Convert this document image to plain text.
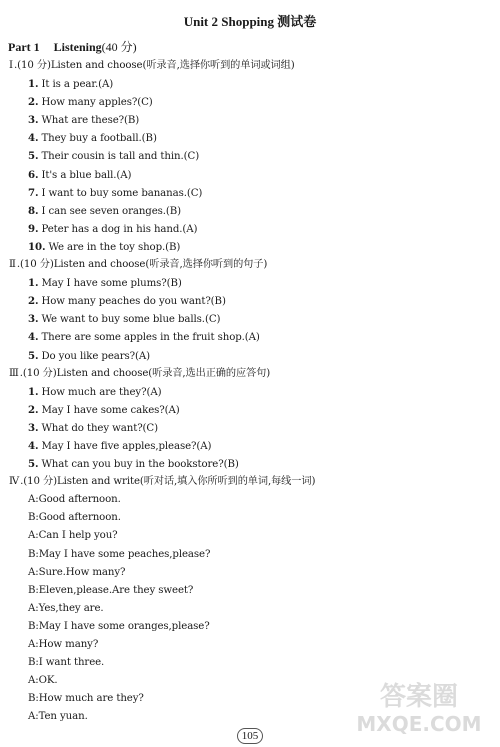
Unit 2 Shopping 测试卷
Part 1 Listening(40 分)
Ⅰ.(10 分)Listen and choose(听录音,选择你听到的单词或词组)
1. It is a pear.(A)
2. How many apples?(C)
3. What are these?(B)
4. They buy a football.(B)
5. Their cousin is tall and thin.(C)
6. It's a blue ball.(A)
7. I want to buy some bananas.(C)
8. I can see seven oranges.(B)
9. Peter has a dog in his hand.(A)
10. We are in the toy shop.(B)
Ⅱ.(10 分)Listen and choose(听录音,选择你听到的句子)
1. May I have some plums?(B)
2. How many peaches do you want?(B)
3. We want to buy some blue balls.(C)
4. There are some apples in the fruit shop.(A)
5. Do you like pears?(A)
Ⅲ.(10 分)Listen and choose(听录音,选出正确的应答句)
1. How much are they?(A)
2. May I have some cakes?(A)
3. What do they want?(C)
4. May I have five apples,please?(A)
5. What can you buy in the bookstore?(B)
Ⅳ.(10 分)Listen and write(听对话,填入你所听到的单词,每线一词)
A:Good afternoon.
B:Good afternoon.
A:Can I help you?
B:May I have some peaches,please?
A:Sure.How many?
B:Eleven,please.Are they sweet?
A:Yes,they are.
B:May I have some oranges,please?
A:How many?
B:I want three.
A:OK.
B:How much are they?
A:Ten yuan.
105
答案圈
MXQE.COM
